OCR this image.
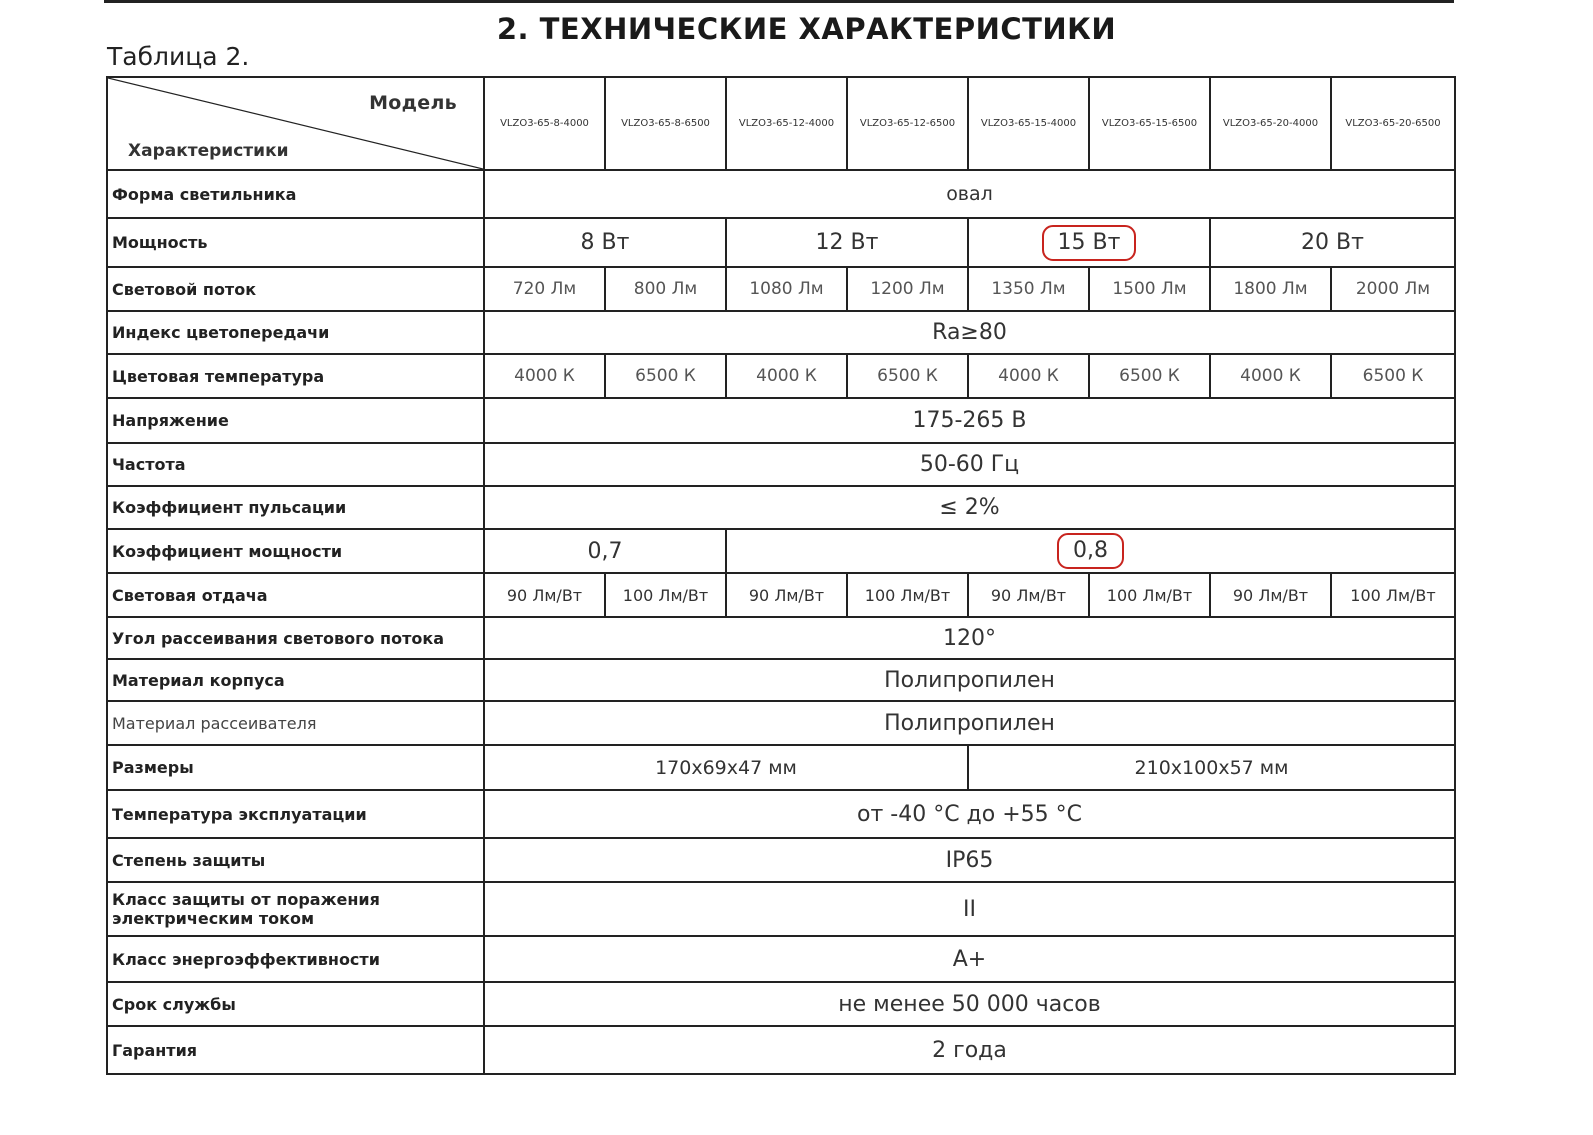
2. ТЕХНИЧЕСКИЕ ХАРАКТЕРИСТИКИ
Таблица 2.
Модель
Характеристики	VLZO3-65-8-4000	VLZO3-65-8-6500	VLZO3-65-12-4000	VLZO3-65-12-6500	VLZO3-65-15-4000	VLZO3-65-15-6500	VLZO3-65-20-4000	VLZO3-65-20-6500
Форма светильника	овал							
Мощность	8 Вт		12 Вт		15 Вт		20 Вт	
Световой поток	720 Лм	800 Лм	1080 Лм	1200 Лм	1350 Лм	1500 Лм	1800 Лм	2000 Лм
Индекс цветопередачи	Ra≥80							
Цветовая температура	4000 К	6500 К	4000 К	6500 К	4000 К	6500 К	4000 К	6500 К
Напряжение	175-265 В							
Частота	50-60 Гц							
Коэффициент пульсации	≤ 2%							
Коэффициент мощности	0,7		0,8					
Световая отдача	90 Лм/Вт	100 Лм/Вт	90 Лм/Вт	100 Лм/Вт	90 Лм/Вт	100 Лм/Вт	90 Лм/Вт	100 Лм/Вт
Угол рассеивания светового потока	120°							
Материал корпуса	Полипропилен							
Материал рассеивателя	Полипропилен							
Размеры	170x69x47 мм				210x100x57 мм			
Температура эксплуатации	от -40 °С до +55 °С							
Степень защиты	IP65							
Класс защиты от поражения электрическим током	II							
Класс энергоэффективности	А+							
Срок службы	не менее 50 000 часов							
Гарантия	2 года							
